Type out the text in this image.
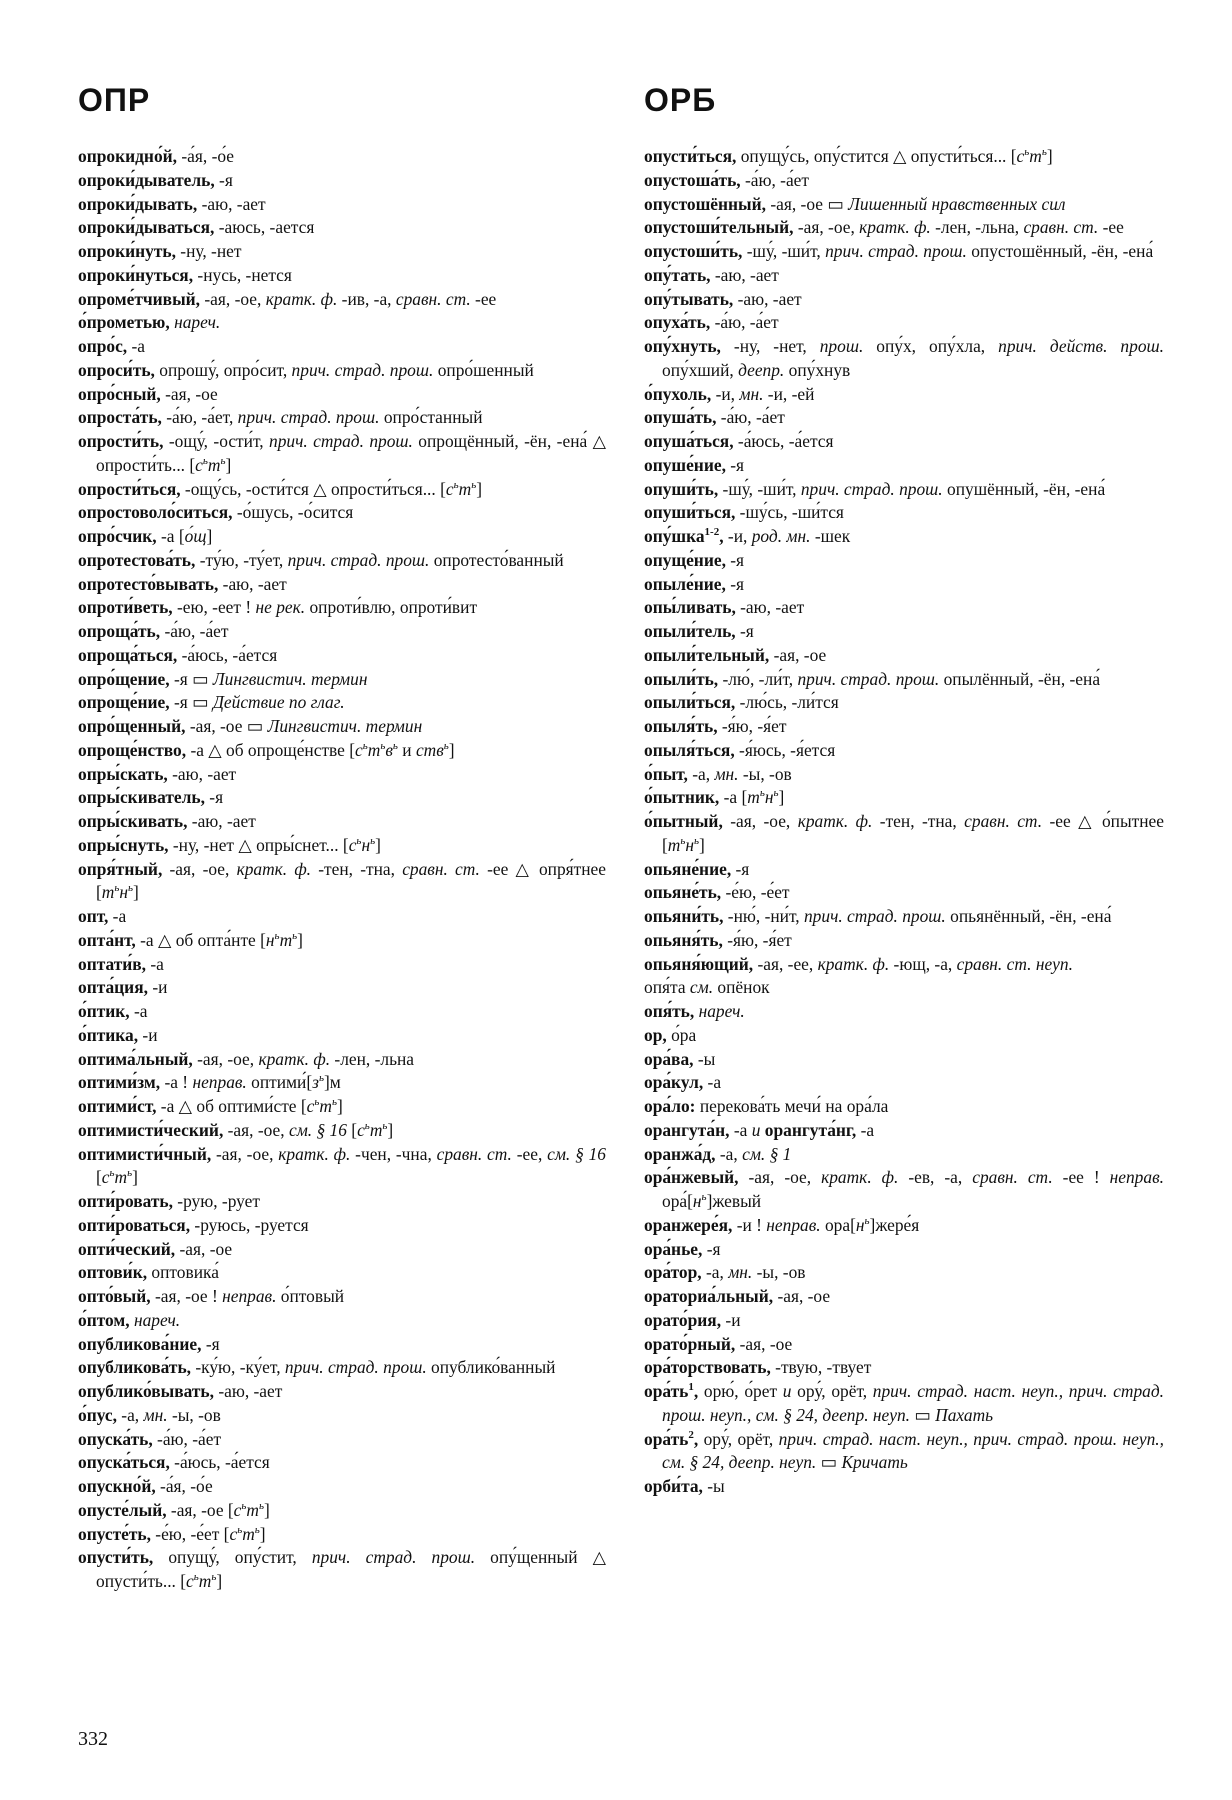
ОПР	ОРБ

опрокидно́й, -а́я, -о́е

опроки́дыватель, -я

опроки́дывать, -аю, -ает

опроки́дываться, -аюсь, -ается

опроки́нуть, -ну, -нет

опроки́нуться, -нусь, -нется

опроме́тчивый, -ая, -ое, кратк. ф. -ив, -а, сравн. ст. -ее

о́прометью, нареч.

опро́с, -а

опроси́ть, опрошу́, опро́сит, прич. страд. прош. опро́шенный

опро́сный, -ая, -ое

опроста́ть, -а́ю, -а́ет, прич. страд. прош. опро́станный

опрости́ть, -ощу́, -ости́т, прич. страд. прош. опрощённый, -ён, -ена́ △ опрости́ть... $[с^ьт^ь]$

опрости́ться, -ощу́сь, -ости́тся △ опрости́ться... $[с^ьт^ь]$

опростоволо́ситься, -о́шусь, -о́сится

опро́счик, -а [о́щ]

опротестова́ть, -ту́ю, -ту́ет, прич. страд. прош. опротесто́ванный

опротесто́вывать, -аю, -ает

опроти́веть, -ею, -еет ! не рек. опроти́влю, опроти́вит

опроща́ть, -а́ю, -а́ет

опроща́ться, -а́юсь, -а́ется

опро́щение, -я ▭ Лингвистич. термин

опроще́ние, -я ▭ Действие по глаг.

опро́щенный, -ая, -ое ▭ Лингвистич. термин

опроще́нство, -а △ об опроще́нстве [$с^ьт^ьв^ь$ и ств$^ь$]

опры́скать, -аю, -ает

опры́скиватель, -я

опры́скивать, -аю, -ает

опры́снуть, -ну, -нет △ опры́снет... $[с^ьн^ь]$

опря́тный, -ая, -ое, кратк. ф. -тен, -тна, сравн. ст. -ее △ опря́тнее $[т^ьн^ь]$

опт, -а

опта́нт, -а △ об опта́нте $[н^ьт^ь]$

оптати́в, -а

опта́ция, -и

о́птик, -а

о́птика, -и

оптима́льный, -ая, -ое, кратк. ф. -лен, -льна

оптими́зм, -а ! неправ. $оптими́[з^ь]м$

оптими́ст, -а △ об оптими́сте $[с^ьт^ь]$

оптимисти́ческий, -ая, -ое, см. § 16 $[с^ьт^ь]$

оптимисти́чный, -ая, -ое, кратк. ф. -чен, -чна, сравн. ст. -ее, см. § 16 $[с^ьт^ь]$

опти́ровать, -рую, -рует

опти́роваться, -руюсь, -руется

опти́ческий, -ая, -ое

оптови́к, оптовика́

опто́вый, -ая, -ое ! неправ. о́птовый

о́птом, нареч.

опубликова́ние, -я

опубликова́ть, -ку́ю, -ку́ет, прич. страд. прош. опублико́ванный

опублико́вывать, -аю, -ает

о́пус, -а, мн. -ы, -ов

опуска́ть, -а́ю, -а́ет

опуска́ться, -а́юсь, -а́ется

опускно́й, -а́я, -о́е

опусте́лый, -ая, -ое $[с^ьт^ь]$

опусте́ть, -е́ю, -е́ет $[с^ьт^ь]$

опусти́ть, опущу́, опу́стит, прич. страд. прош. опу́щенный △ опусти́ть... $[с^ьт^ь]$

опусти́ться, опущу́сь, опу́стится △ опусти́ться... $[с^ьт^ь]$

опустоша́ть, -а́ю, -а́ет

опустошённый, -ая, -ое ▭ Лишенный нравственных сил

опустоши́тельный, -ая, -ое, кратк. ф. -лен, -льна, сравн. ст. -ее

опустоши́ть, -шу́, -ши́т, прич. страд. прош. опустошённый, -ён, -ена́

опу́тать, -аю, -ает

опу́тывать, -аю, -ает

опуха́ть, -а́ю, -а́ет

опу́хнуть, -ну, -нет, прош. опу́х, опу́хла, прич. действ. прош. опу́хший, деепр. опу́хнув

о́пухоль, -и, мн. -и, -ей

опуша́ть, -а́ю, -а́ет

опуша́ться, -а́юсь, -а́ется

опуше́ние, -я

опуши́ть, -шу́, -ши́т, прич. страд. прош. опушённый, -ён, -ена́

опуши́ться, -шу́сь, -ши́тся

опу́шка$^{1-2}$, -и, род. мн. -шек

опуще́ние, -я

опыле́ние, -я

опы́ливать, -аю, -ает

опыли́тель, -я

опыли́тельный, -ая, -ое

опыли́ть, -лю́, -ли́т, прич. страд. прош. опылённый, -ён, -ена́

опыли́ться, -лю́сь, -ли́тся

опыля́ть, -я́ю, -я́ет

опыля́ться, -я́юсь, -я́ется

о́пыт, -а, мн. -ы, -ов

о́пытник, -а $[т^ьн^ь]$

о́пытный, -ая, -ое, кратк. ф. -тен, -тна, сравн. ст. -ее △ о́пытнее $[т^ьн^ь]$

опьяне́ние, -я

опьяне́ть, -е́ю, -е́ет

опьяни́ть, -ню́, -ни́т, прич. страд. прош. опьянённый, -ён, -ена́

опьяня́ть, -я́ю, -я́ет

опьяня́ющий, -ая, -ее, кратк. ф. -ющ, -а, сравн. ст. неуп.

опя́та см. опёнок

опя́ть, нареч.

ор, о́ра

ора́ва, -ы

ора́кул, -а

ора́ло: перекова́ть мечи́ на ора́ла

орангута́н, -а и орангута́нг, -а

оранжа́д, -а, см. § 1

ора́нжевый, -ая, -ое, кратк. ф. -ев, -а, сравн. ст. -ее ! неправ. $ора́[н^ь]жевый$

оранжере́я, -и ! неправ. $ора[н^ь]жере́я$

ора́нье, -я

ора́тор, -а, мн. -ы, -ов

ораториа́льный, -ая, -ое

орато́рия, -и

орато́рный, -ая, -ое

ора́торствовать, -твую, -твует

$ора́ть^1$, орю́, о́рет и ору́, орёт, прич. страд. наст. неуп., прич. страд. прош. неуп., см. § 24, деепр. неуп. ▭ Пахать

$ора́ть^2$, ору́, орёт, прич. страд. наст. неуп., прич. страд. прош. неуп., см. § 24, деепр. неуп. ▭ Кричать

орби́та, -ы

332
